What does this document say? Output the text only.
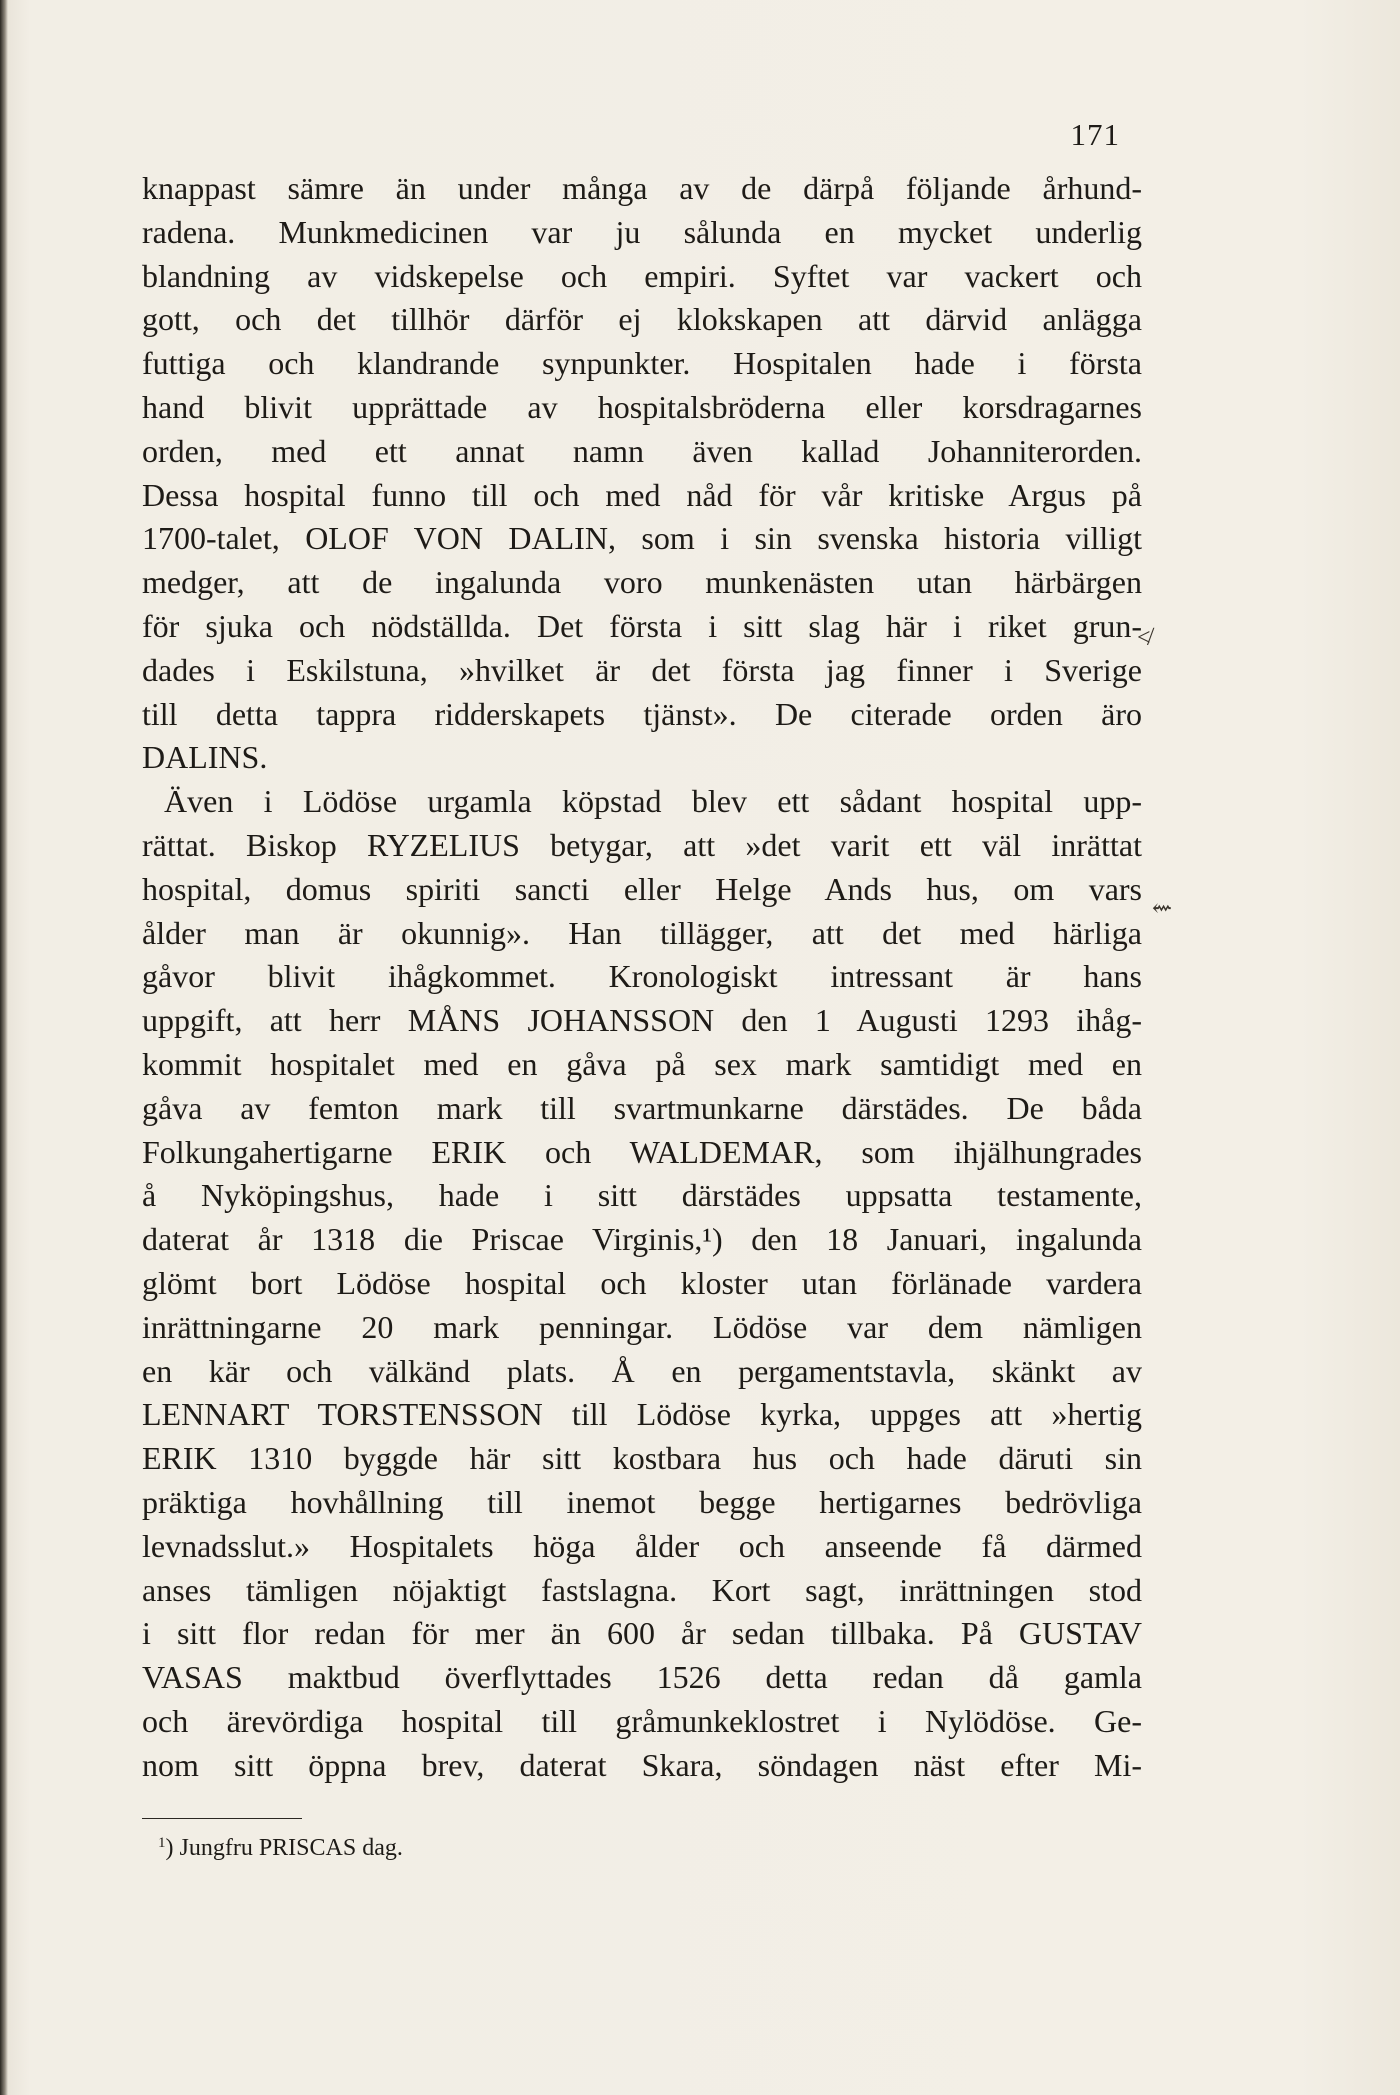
171
knappast sämre än under många av de därpå följande århund-
radena. Munkmedicinen var ju sålunda en mycket underlig
blandning av vidskepelse och empiri. Syftet var vackert och
gott, och det tillhör därför ej klokskapen att därvid anlägga
futtiga och klandrande synpunkter. Hospitalen hade i första
hand blivit upprättade av hospitalsbröderna eller korsdragarnes
orden, med ett annat namn även kallad Johanniterorden.
Dessa hospital funno till och med nåd för vår kritiske Argus på
1700-talet, OLOF VON DALIN, som i sin svenska historia villigt
medger, att de ingalunda voro munkenästen utan härbärgen
för sjuka och nödställda. Det första i sitt slag här i riket grun-
dades i Eskilstuna, »hvilket är det första jag finner i Sverige
till detta tappra ridderskapets tjänst». De citerade orden äro
DALINS.
Även i Lödöse urgamla köpstad blev ett sådant hospital upp-
rättat. Biskop RYZELIUS betygar, att »det varit ett väl inrättat
hospital, domus spiriti sancti eller Helge Ands hus, om vars
ålder man är okunnig». Han tillägger, att det med härliga
gåvor blivit ihågkommet. Kronologiskt intressant är hans
uppgift, att herr MÅNS JOHANSSON den 1 Augusti 1293 ihåg-
kommit hospitalet med en gåva på sex mark samtidigt med en
gåva av femton mark till svartmunkarne därstädes. De båda
Folkungahertigarne ERIK och WALDEMAR, som ihjälhungrades
å Nyköpingshus, hade i sitt därstädes uppsatta testamente,
daterat år 1318 die Priscae Virginis,¹) den 18 Januari, ingalunda
glömt bort Lödöse hospital och kloster utan förlänade vardera
inrättningarne 20 mark penningar. Lödöse var dem nämligen
en kär och välkänd plats. Å en pergamentstavla, skänkt av
LENNART TORSTENSSON till Lödöse kyrka, uppges att »hertig
ERIK 1310 byggde här sitt kostbara hus och hade däruti sin
präktiga hovhållning till inemot begge hertigarnes bedrövliga
levnadsslut.» Hospitalets höga ålder och anseende få därmed
anses tämligen nöjaktigt fastslagna. Kort sagt, inrättningen stod
i sitt flor redan för mer än 600 år sedan tillbaka. På GUSTAV
VASAS maktbud överflyttades 1526 detta redan då gamla
och ärevördiga hospital till gråmunkeklostret i Nylödöse. Ge-
nom sitt öppna brev, daterat Skara, söndagen näst efter Mi-
≮
⇜
$^1$) Jungfru PRISCAS dag.
